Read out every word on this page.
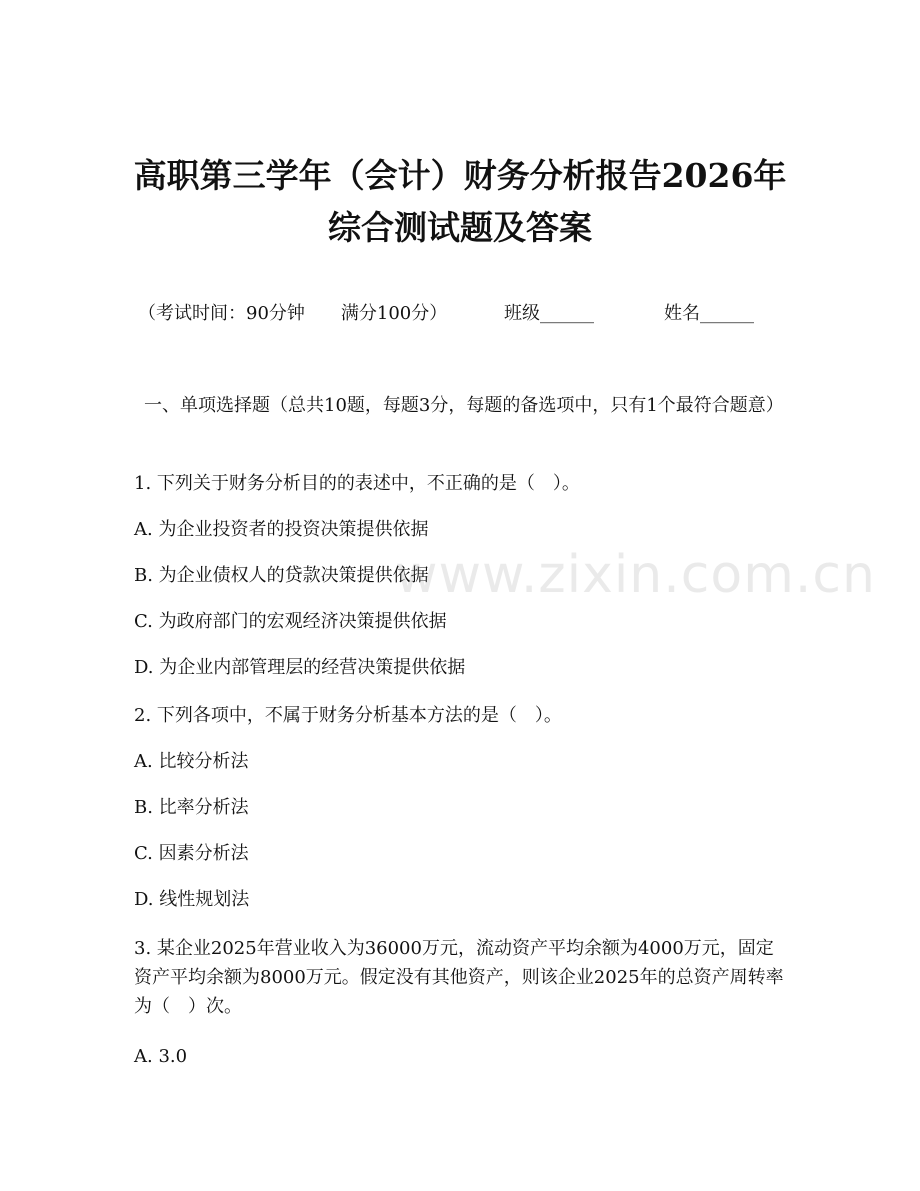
高职第三学年（会计）财务分析报告2026年
综合测试题及答案
（考试时间：90分钟　　满分100分）	班级______	姓名______
一、单项选择题（总共10题，每题3分，每题的备选项中，只有1个最符合题意）
1. 下列关于财务分析目的的表述中，不正确的是（　）。
A. 为企业投资者的投资决策提供依据
B. 为企业债权人的贷款决策提供依据
C. 为政府部门的宏观经济决策提供依据
D. 为企业内部管理层的经营决策提供依据
2. 下列各项中，不属于财务分析基本方法的是（　）。
A. 比较分析法
B. 比率分析法
C. 因素分析法
D. 线性规划法
3. 某企业2025年营业收入为36000万元，流动资产平均余额为4000万元，固定资产平均余额为8000万元。假定没有其他资产，则该企业2025年的总资产周转率为（　）次。
A. 3.0
www.zixin.com.cn
